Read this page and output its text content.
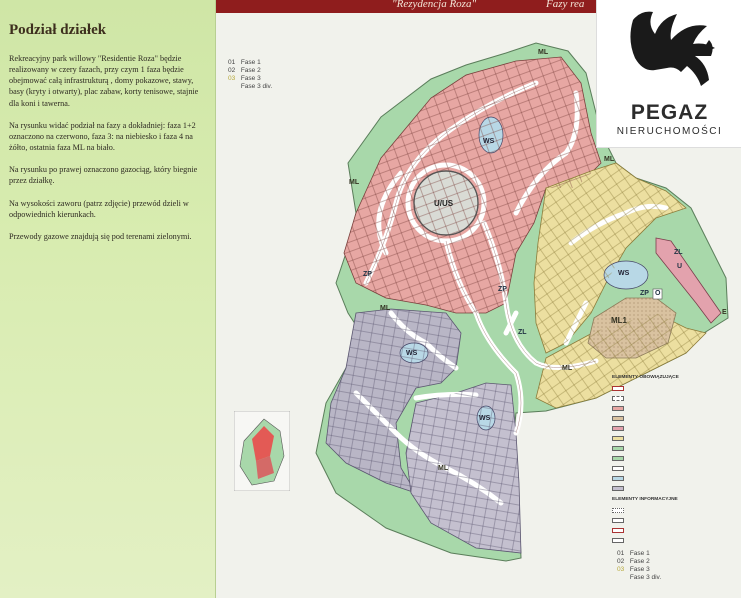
Podział działek

Rekreacyjny park willowy "Residentie Roza" będzie realizowany w czery fazach, przy czym 1 faza będzie obejmować całą infrastrukturą , domy pokazowe, stawy, basy (kryty i otwarty), plac zabaw, korty tenisowe, stajnie dla koni i tawerna.

Na rysunku widać podział na fazy a dokładniej: faza 1+2 oznaczono na czerwono, faza 3: na niebiesko i faza 4 na żółto, ostatnia faza ML na biało.

Na rysunku po prawej oznaczono gazociąg, który biegnie przez działkę.

Na wysokości zaworu (patrz zdjęcie) przewód dzieli w odpowiednich kierunkach.

Przewody gazowe znajdują się pod terenami zielonymi.

"Rezydencja Roza"	Fazy rea
U/US
WS
WS
WS
WS
ZP
ZP
ZP
ZL
ZL
U
O
ML1
ML
ML
ML
ML
ML
ML
E
01 Fase 1
02 Fase 2
03 Fase 3
Fase 3 div.
ELEMENTY OBOWIĄZUJĄCE
ELEMENTY INFORMACYJNE
01 Fase 1
02 Fase 2
03 Fase 3
Fase 3 div.
PEGAZ
NIERUCHOMOŚCI
